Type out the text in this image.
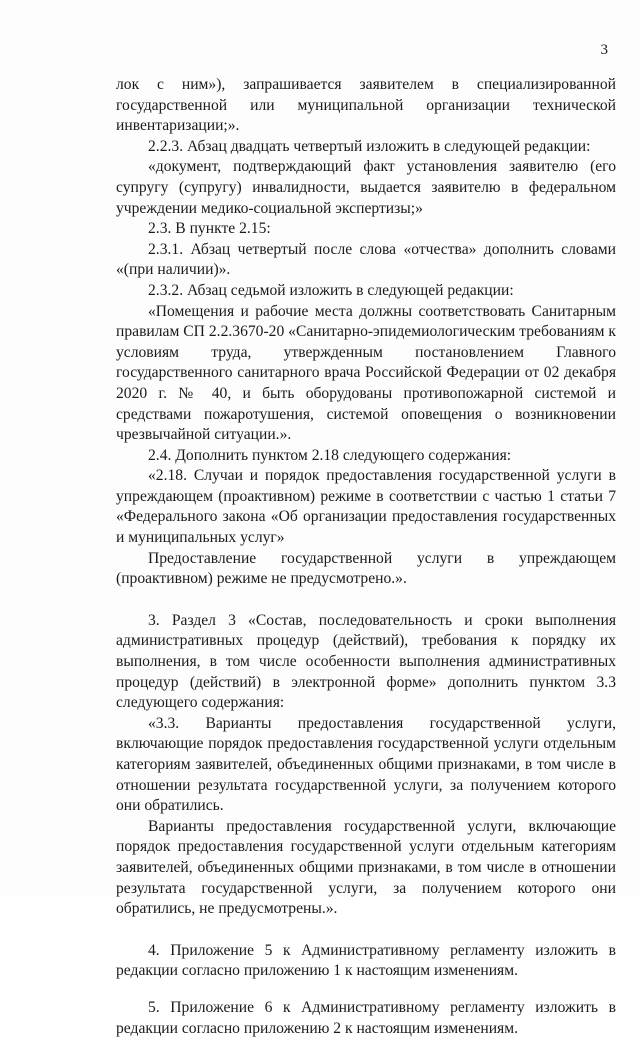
3

лок с ним»), запрашивается заявителем в специализированной государственной или муниципальной организации технической инвентаризации;».

2.2.3. Абзац двадцать четвертый изложить в следующей редакции:

«документ, подтверждающий факт установления заявителю (его супругу (супругу) инвалидности, выдается заявителю в федеральном учреждении медико-социальной экспертизы;»

2.3. В пункте 2.15:

2.3.1. Абзац четвертый после слова «отчества» дополнить словами «(при наличии)».

2.3.2. Абзац седьмой изложить в следующей редакции:

«Помещения и рабочие места должны соответствовать Санитарным правилам СП 2.2.3670-20 «Санитарно-эпидемиологическим требованиям к условиям труда, утвержденным постановлением Главного государственного санитарного врача Российской Федерации от 02 декабря 2020 г. № 40, и быть оборудованы противопожарной системой и средствами пожаротушения, системой оповещения о возникновении чрезвычайной ситуации.».

2.4. Дополнить пунктом 2.18 следующего содержания:

«2.18. Случаи и порядок предоставления государственной услуги в упреждающем (проактивном) режиме в соответствии с частью 1 статьи 7 «Федерального закона «Об организации предоставления государственных и муниципальных услуг»

Предоставление государственной услуги в упреждающем (проактивном) режиме не предусмотрено.».

3. Раздел 3 «Состав, последовательность и сроки выполнения административных процедур (действий), требования к порядку их выполнения, в том числе особенности выполнения административных процедур (действий) в электронной форме» дополнить пунктом 3.3 следующего содержания:

«3.3. Варианты предоставления государственной услуги, включающие порядок предоставления государственной услуги отдельным категориям заявителей, объединенных общими признаками, в том числе в отношении результата государственной услуги, за получением которого они обратились.

Варианты предоставления государственной услуги, включающие порядок предоставления государственной услуги отдельным категориям заявителей, объединенных общими признаками, в том числе в отношении результата государственной услуги, за получением которого они обратились, не предусмотрены.».

4. Приложение 5 к Административному регламенту изложить в редакции согласно приложению 1 к настоящим изменениям.

5. Приложение 6 к Административному регламенту изложить в редакции согласно приложению 2 к настоящим изменениям.
